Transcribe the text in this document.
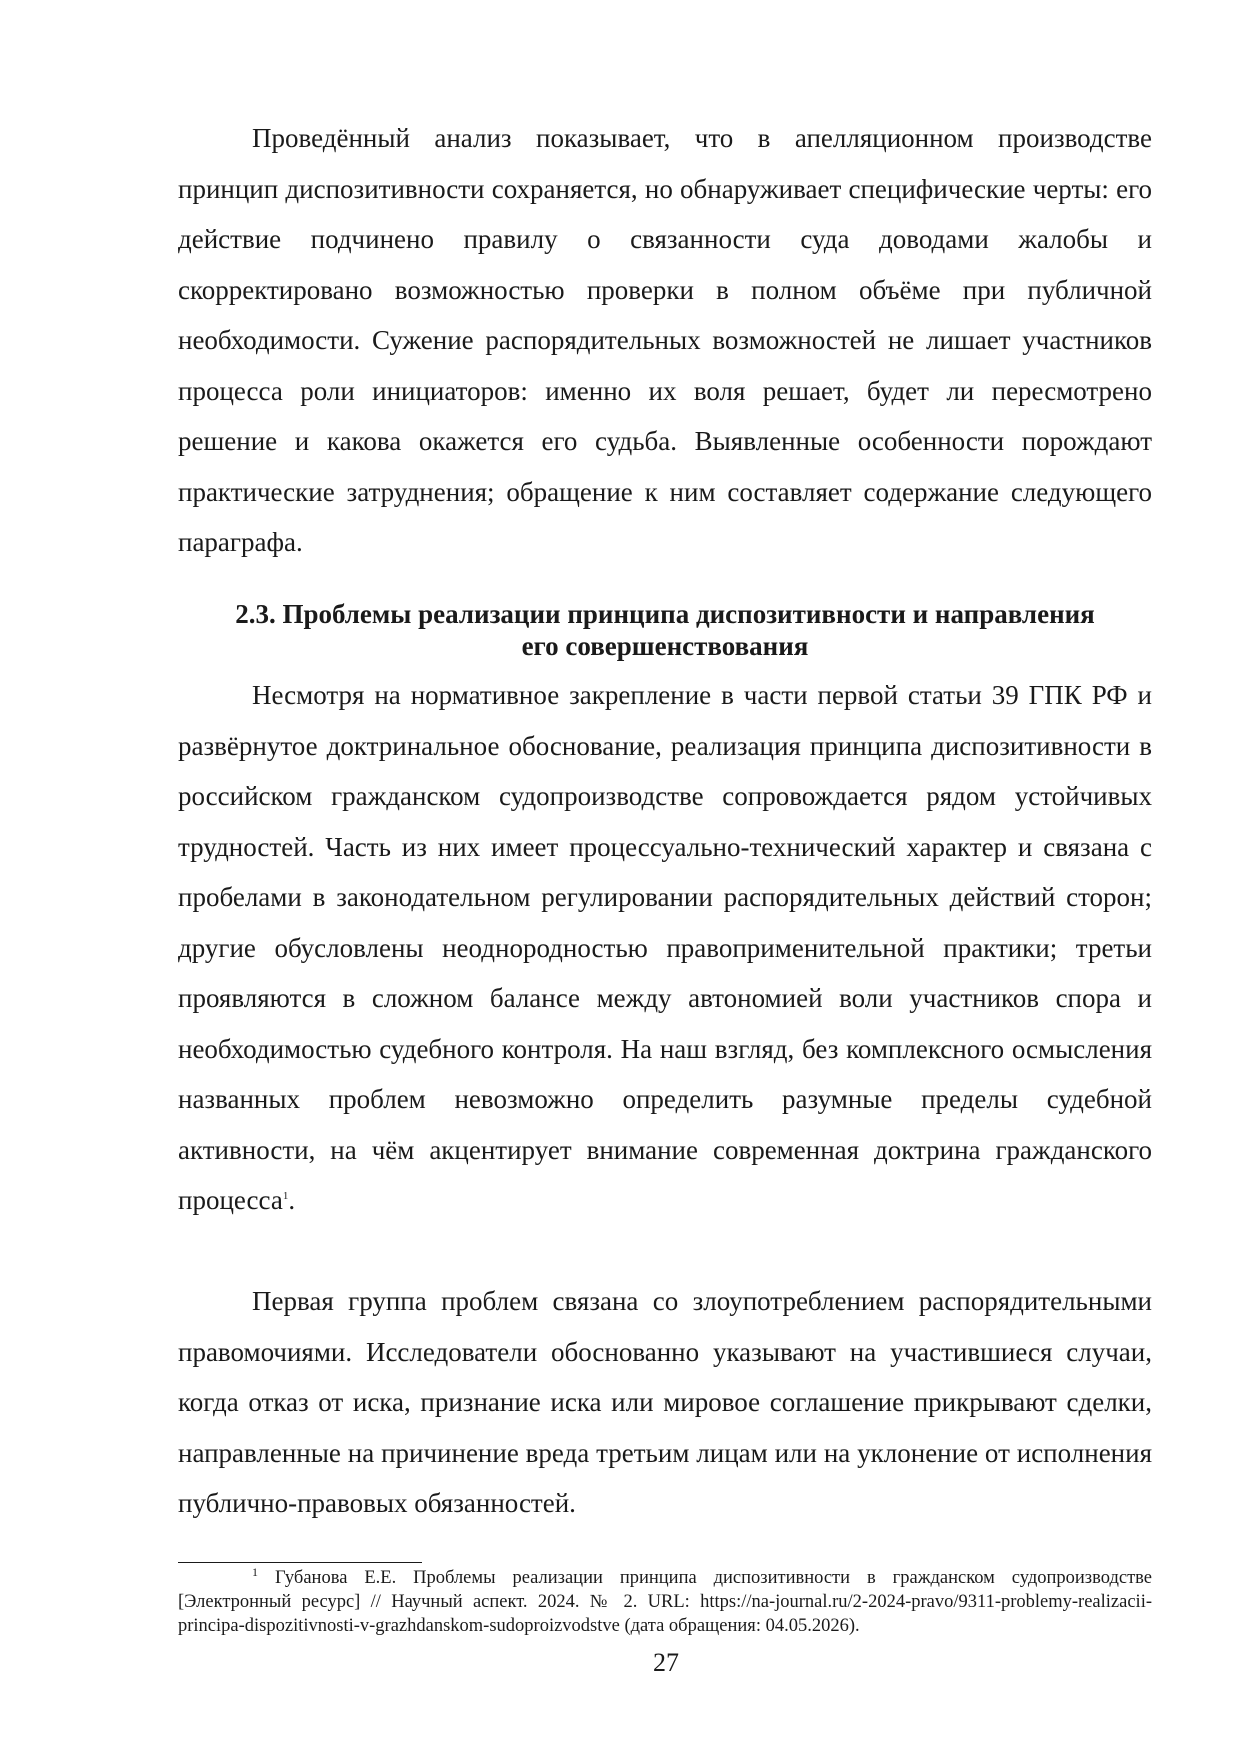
Проведённый анализ показывает, что в апелляционном производстве принцип диспозитивности сохраняется, но обнаруживает специфические черты: его действие подчинено правилу о связанности суда доводами жалобы и скорректировано возможностью проверки в полном объёме при публичной необходимости. Сужение распорядительных возможностей не лишает участников процесса роли инициаторов: именно их воля решает, будет ли пересмотрено решение и какова окажется его судьба. Выявленные особенности порождают практические затруднения; обращение к ним составляет содержание следующего параграфа.

2.3. Проблемы реализации принципа диспозитивности и направления
его совершенствования

Несмотря на нормативное закрепление в части первой статьи 39 ГПК РФ и развёрнутое доктринальное обоснование, реализация принципа диспозитивности в российском гражданском судопроизводстве сопровождается рядом устойчивых трудностей. Часть из них имеет процессуально-технический характер и связана с пробелами в законодательном регулировании распорядительных действий сторон; другие обусловлены неоднородностью правоприменительной практики; третьи проявляются в сложном балансе между автономией воли участников спора и необходимостью судебного контроля. На наш взгляд, без комплексного осмысления названных проблем невозможно определить разумные пределы судебной активности, на чём акцентирует внимание современная доктрина гражданского процесса$^1$.

Первая группа проблем связана со злоупотреблением распорядительными правомочиями. Исследователи обоснованно указывают на участившиеся случаи, когда отказ от иска, признание иска или мировое соглашение прикрывают сделки, направленные на причинение вреда третьим лицам или на уклонение от исполнения публично-правовых обязанностей.

$^1$ Губанова Е.Е. Проблемы реализации принципа диспозитивности в гражданском судопроизводстве [Электронный ресурс] // Научный аспект. 2024. № 2. URL: https://na-journal.ru/2-2024-pravo/9311-problemy-realizacii-principa-dispozitivnosti-v-grazhdanskom-sudoproizvodstve (дата обращения: 04.05.2026).

27
